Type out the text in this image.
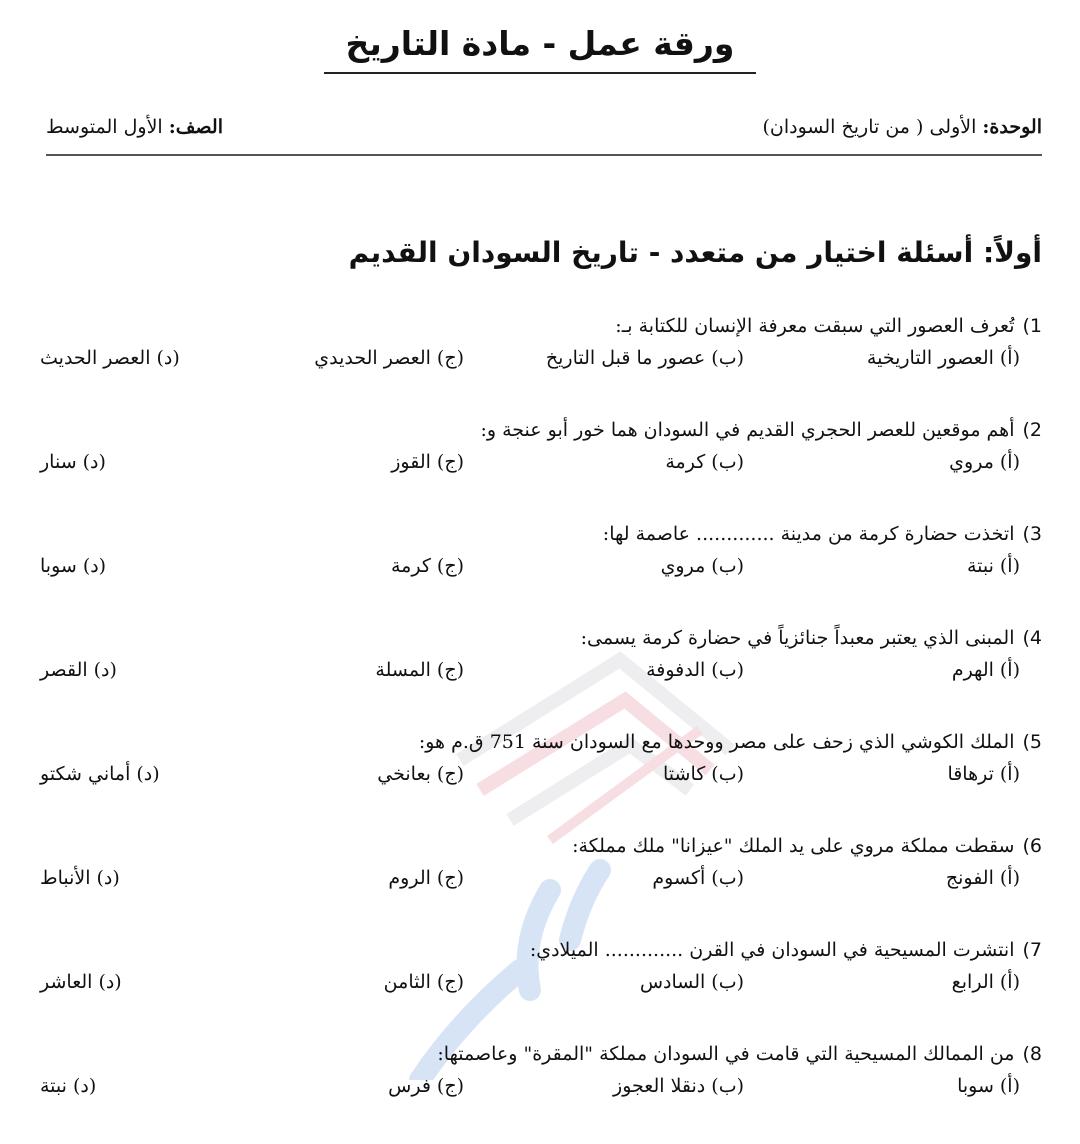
ورقة عمل - مادة التاريخ
الوحدة: الأولى ( من تاريخ السودان)
الصف: الأول المتوسط
أولاً: أسئلة اختيار من متعدد - تاريخ السودان القديم
1)تُعرف العصور التي سبقت معرفة الإنسان للكتابة بـ:
(أ)العصور التاريخية
(ب)عصور ما قبل التاريخ
(ج)العصر الحديدي
(د)العصر الحديث
2)أهم موقعين للعصر الحجري القديم في السودان هما خور أبو عنجة و:
(أ)مروي
(ب)كرمة
(ج)القوز
(د)سنار
3)اتخذت حضارة كرمة من مدينة ............. عاصمة لها:
(أ)نبتة
(ب)مروي
(ج)كرمة
(د)سوبا
4)المبنى الذي يعتبر معبداً جنائزياً في حضارة كرمة يسمى:
(أ)الهرم
(ب)الدفوفة
(ج)المسلة
(د)القصر
5)الملك الكوشي الذي زحف على مصر ووحدها مع السودان سنة 751 ق.م هو:
(أ)ترهاقا
(ب)كاشتا
(ج)بعانخي
(د)أماني شكتو
6)سقطت مملكة مروي على يد الملك "عيزانا" ملك مملكة:
(أ)الفونج
(ب)أكسوم
(ج)الروم
(د)الأنباط
7)انتشرت المسيحية في السودان في القرن ............. الميلادي:
(أ)الرابع
(ب)السادس
(ج)الثامن
(د)العاشر
8)من الممالك المسيحية التي قامت في السودان مملكة "المقرة" وعاصمتها:
(أ)سوبا
(ب)دنقلا العجوز
(ج)فرس
(د)نبتة
